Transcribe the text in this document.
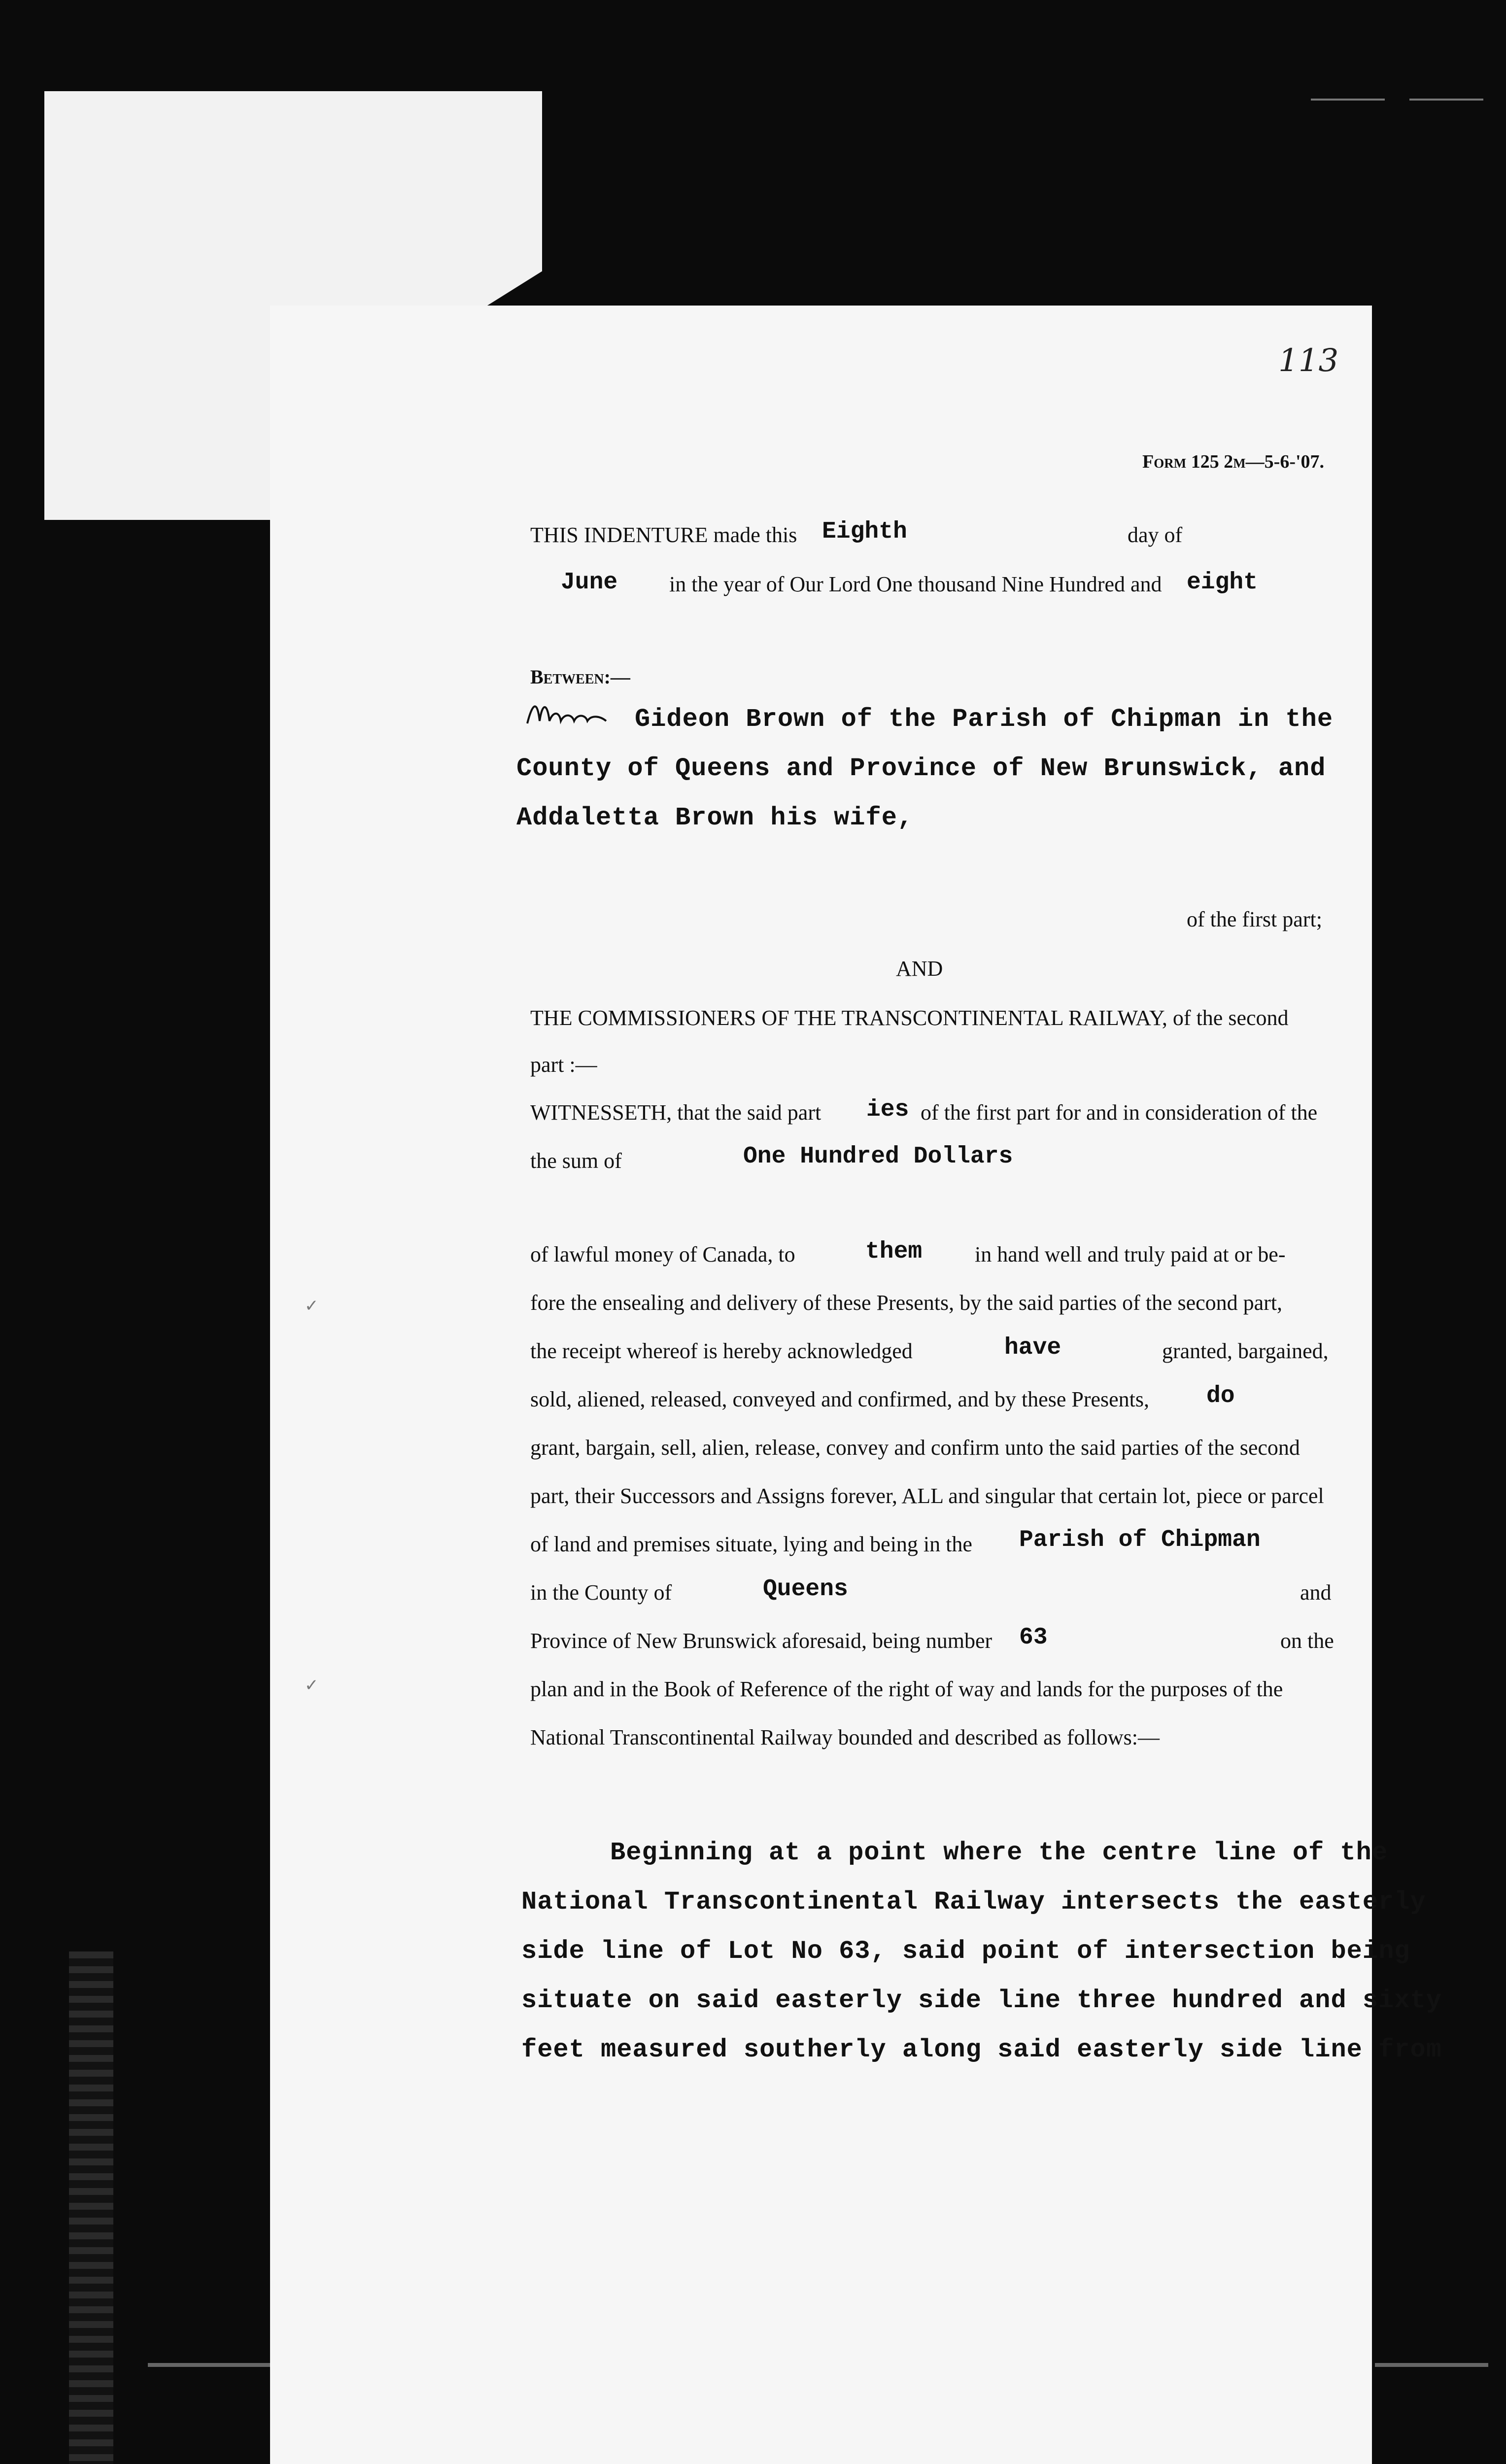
113
Form 125 2m—5-6-'07.
THIS INDENTURE made this Eighth	day of
June in the year of Our Lord One thousand Nine Hundred and eight
Between:—
Gideon Brown of the Parish of Chipman in the
County of Queens and Province of New Brunswick, and
Addaletta Brown his wife,
of the first part;
AND
THE COMMISSIONERS OF THE TRANSCONTINENTAL RAILWAY, of the second
part :—
WITNESSETH, that the said part ies of the first part for and in consideration of the
the sum of	One Hundred Dollars
of lawful money of Canada, to	them in hand well and truly paid at or be-
fore the ensealing and delivery of these Presents, by the said parties of the second part,
the receipt whereof is hereby acknowledged	have	granted, bargained,
sold, aliened, released, conveyed and confirmed, and by these Presents, do
grant, bargain, sell, alien, release, convey and confirm unto the said parties of the second
part, their Successors and Assigns forever, ALL and singular that certain lot, piece or parcel
of land and premises situate, lying and being in the Parish of Chipman
in the County of	Queens	and
Province of New Brunswick aforesaid, being number 63	on the
plan and in the Book of Reference of the right of way and lands for the purposes of the
National Transcontinental Railway bounded and described as follows:—
Beginning at a point where the centre line of the
National Transcontinental Railway intersects the easterly
side line of Lot No 63, said point of intersection being
situate on said easterly side line three hundred and sixty
feet measured southerly along said easterly side line from
✓
✓
